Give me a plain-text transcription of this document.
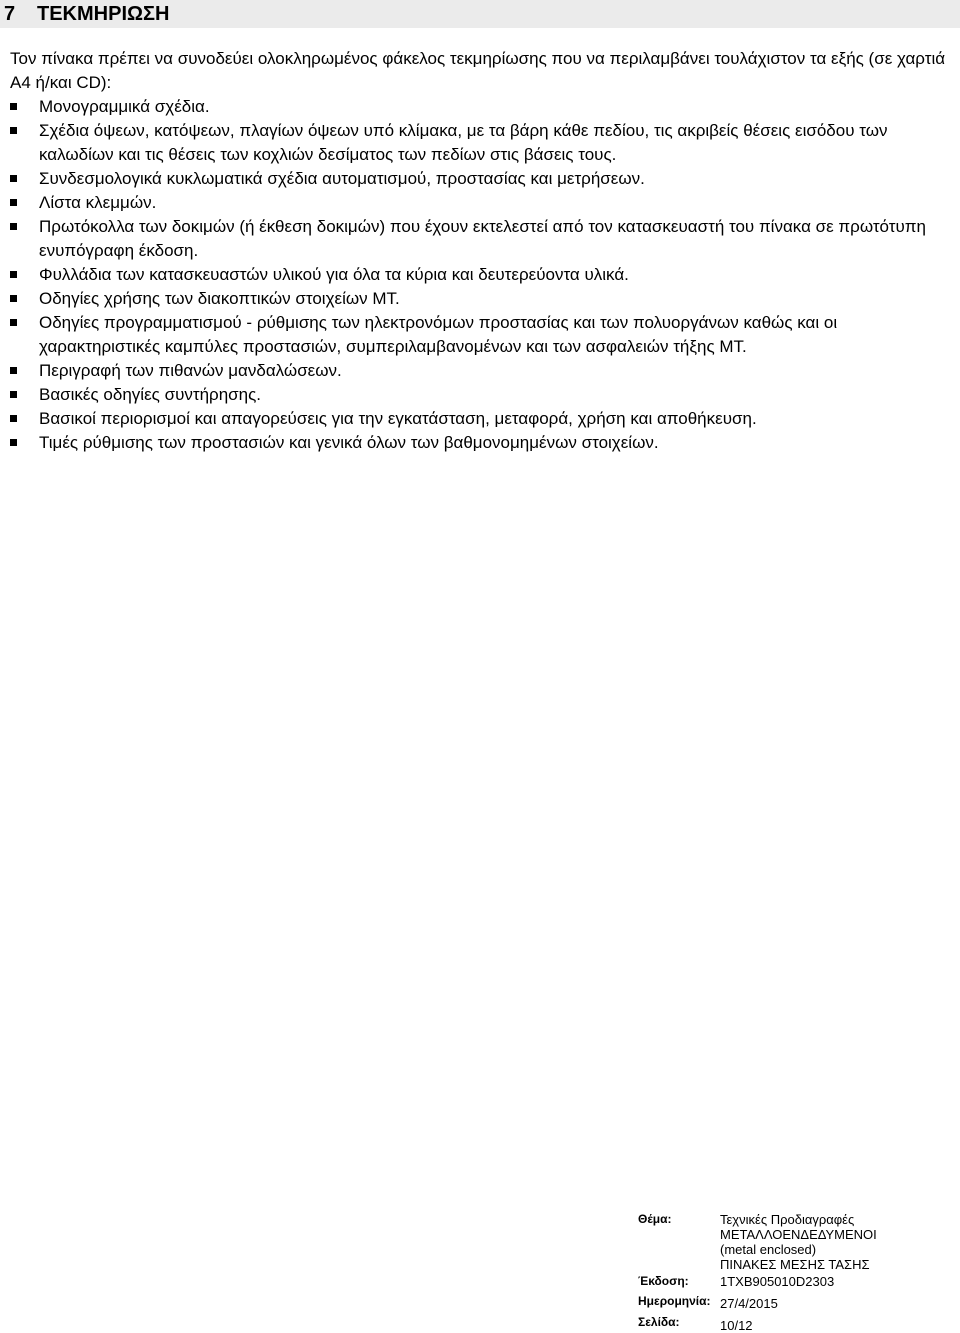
7 ΤΕΚΜΗΡΙΩΣΗ

Τον πίνακα πρέπει να συνοδεύει ολοκληρωμένος φάκελος τεκμηρίωσης που να περιλαμβάνει τουλάχιστον τα εξής (σε χαρτιά Α4 ή/και CD):

Μονογραμμικά σχέδια.
Σχέδια όψεων, κατόψεων, πλαγίων όψεων υπό κλίμακα, με τα βάρη κάθε πεδίου, τις ακριβείς θέσεις εισόδου των καλωδίων και τις θέσεις των κοχλιών δεσίματος των πεδίων στις βάσεις τους.
Συνδεσμολογικά κυκλωματικά σχέδια αυτοματισμού, προστασίας και μετρήσεων.
Λίστα κλεμμών.
Πρωτόκολλα των δοκιμών (ή έκθεση δοκιμών) που έχουν εκτελεστεί από τον κατασκευαστή του πίνακα σε πρωτότυπη ενυπόγραφη έκδοση.
Φυλλάδια των κατασκευαστών υλικού για όλα τα κύρια και δευτερεύοντα υλικά.
Οδηγίες χρήσης των διακοπτικών στοιχείων ΜΤ.
Οδηγίες προγραμματισμού - ρύθμισης των ηλεκτρονόμων προστασίας και των πολυοργάνων καθώς και οι χαρακτηριστικές καμπύλες προστασιών, συμπεριλαμβανομένων και των ασφαλειών τήξης ΜΤ.
Περιγραφή των πιθανών μανδαλώσεων.
Βασικές οδηγίες συντήρησης.
Βασικοί περιορισμοί και απαγορεύσεις για την εγκατάσταση, μεταφορά, χρήση και αποθήκευση.
Τιμές ρύθμισης των προστασιών και γενικά όλων των βαθμονομημένων στοιχείων.
Θέμα:	Τεχνικές Προδιαγραφές
ΜΕΤΑΛΛΟΕΝΔΕΔΥΜΕΝΟΙ
(metal enclosed)
ΠΙΝΑΚΕΣ ΜΕΣΗΣ ΤΑΣΗΣ
Έκδοση: 1TXB905010D2303
Ημερομηνία: 27/4/2015
Σελίδα:	10/12
